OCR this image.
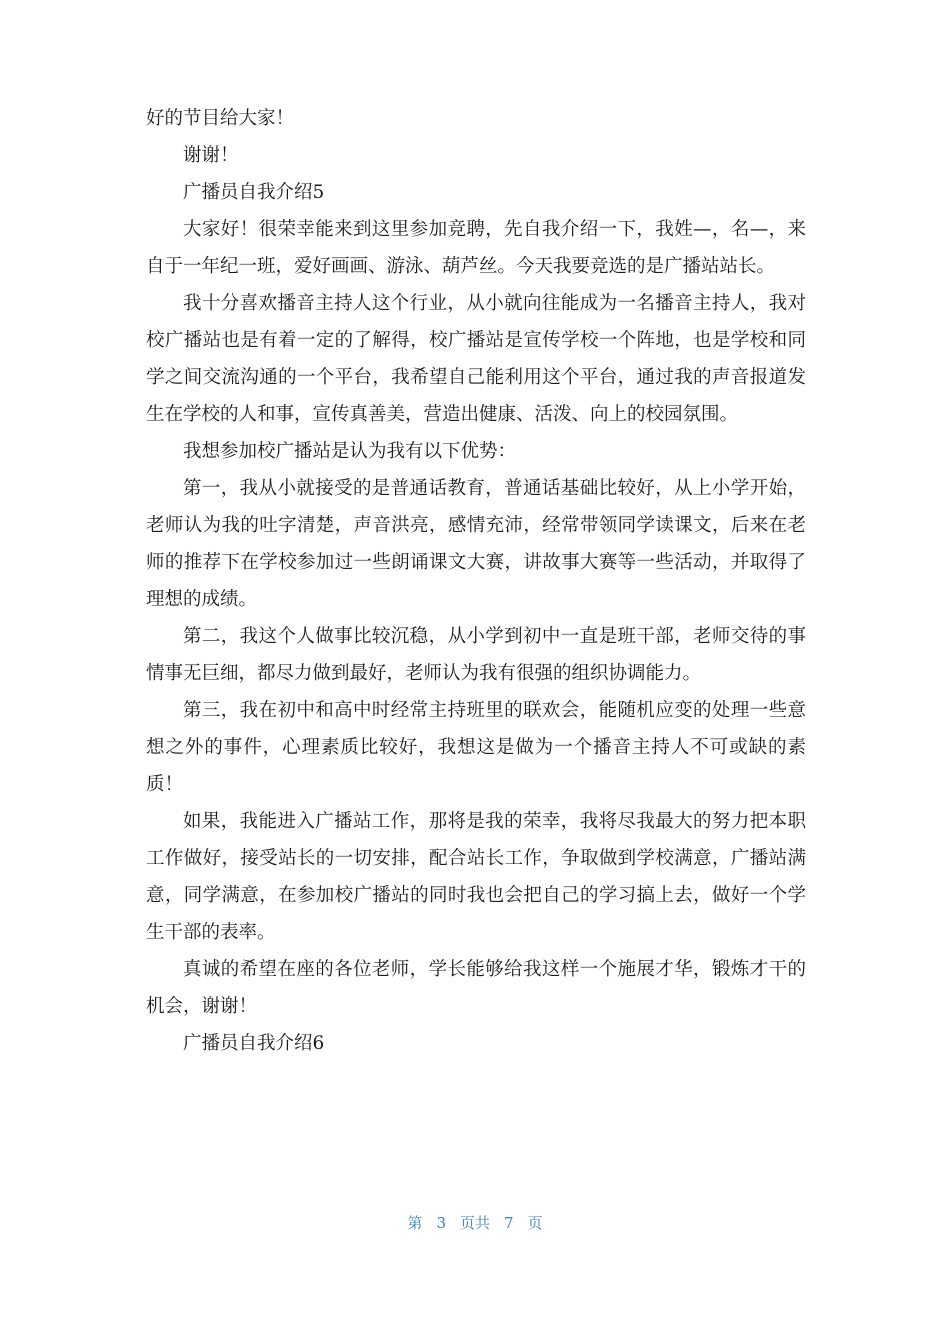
好的节目给大家！

谢谢！

广播员自我介绍5

大家好！很荣幸能来到这里参加竞聘，先自我介绍一下，我姓—，名—，来自于一年纪一班，爱好画画、游泳、葫芦丝。今天我要竞选的是广播站站长。

我十分喜欢播音主持人这个行业，从小就向往能成为一名播音主持人，我对校广播站也是有着一定的了解得，校广播站是宣传学校一个阵地，也是学校和同学之间交流沟通的一个平台，我希望自己能利用这个平台，通过我的声音报道发生在学校的人和事，宣传真善美，营造出健康、活泼、向上的校园氛围。

我想参加校广播站是认为我有以下优势：

第一，我从小就接受的是普通话教育，普通话基础比较好，从上小学开始，老师认为我的吐字清楚，声音洪亮，感情充沛，经常带领同学读课文，后来在老师的推荐下在学校参加过一些朗诵课文大赛，讲故事大赛等一些活动，并取得了理想的成绩。

第二，我这个人做事比较沉稳，从小学到初中一直是班干部，老师交待的事情事无巨细，都尽力做到最好，老师认为我有很强的组织协调能力。

第三，我在初中和高中时经常主持班里的联欢会，能随机应变的处理一些意想之外的事件，心理素质比较好，我想这是做为一个播音主持人不可或缺的素质！

如果，我能进入广播站工作，那将是我的荣幸，我将尽我最大的努力把本职工作做好，接受站长的一切安排，配合站长工作，争取做到学校满意，广播站满意，同学满意，在参加校广播站的同时我也会把自己的学习搞上去，做好一个学生干部的表率。

真诚的希望在座的各位老师，学长能够给我这样一个施展才华，锻炼才干的机会，谢谢！

广播员自我介绍6

第 3 页共 7 页
